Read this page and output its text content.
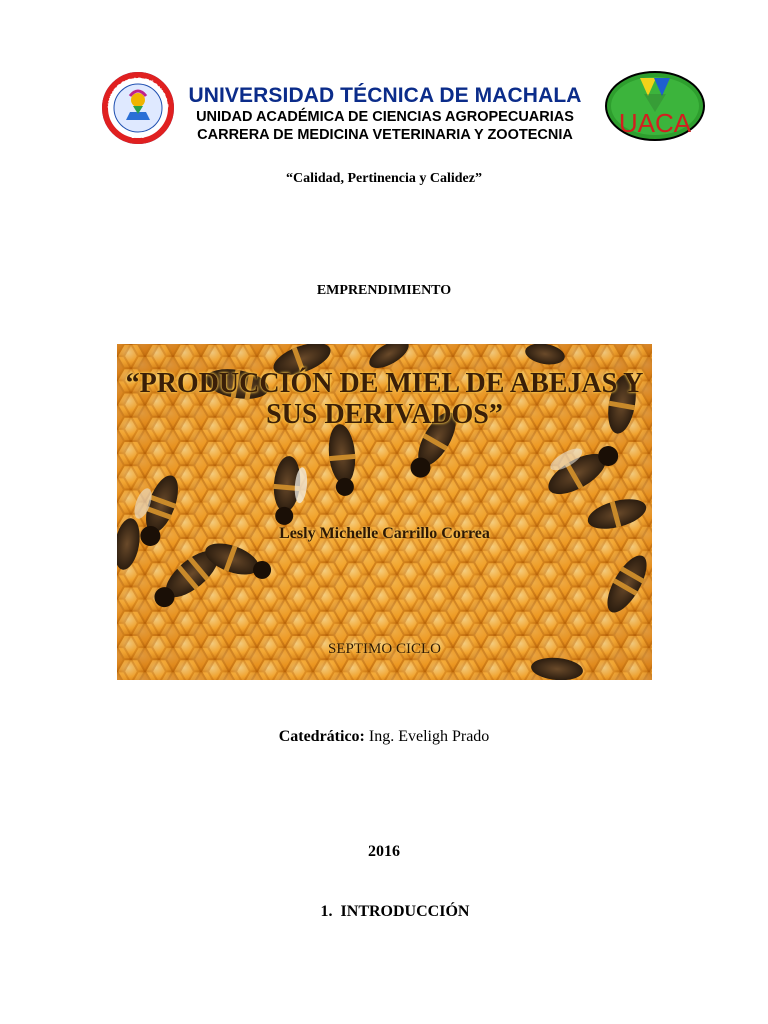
UNIVERSIDAD TÉCNICA D
1969
UNIVERSIDAD TÉCNICA DE MACHALA
UNIDAD ACADÉMICA DE CIENCIAS AGROPECUARIAS
CARRERA DE MEDICINA VETERINARIA Y ZOOTECNIA	UACA
“Calidad, Pertinencia y Calidez”
EMPRENDIMIENTO
“PRODUCCIÓN DE MIEL DE ABEJAS Y
SUS DERIVADOS”
Lesly Michelle Carrillo Correa
SEPTIMO CICLO
Catedrático: Ing. Eveligh Prado
2016
1. INTRODUCCIÓN
